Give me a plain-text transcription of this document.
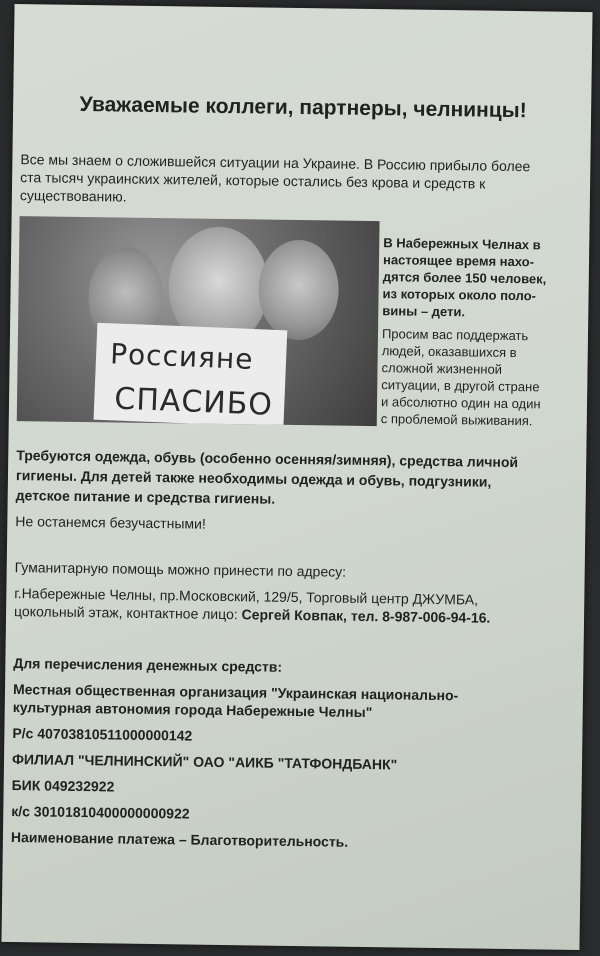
Уважаемые коллеги, партнеры, челнинцы!

Все мы знаем о сложившейся ситуации на Украине. В Россию прибыло более

ста тысяч украинских жителей, которые остались без крова и средств к

существованию.

Россияне
СПАСИБО

В Набережных Челнах в

настоящее время нахо-

дятся более 150 человек,

из которых около поло-

вины – дети.

Просим вас поддержать

людей, оказавшихся в

сложной жизненной

ситуации, в другой стране

и абсолютно один на один

с проблемой выживания.

Требуются одежда, обувь (особенно осенняя/зимняя), средства личной

гигиены. Для детей также необходимы одежда и обувь, подгузники,

детское питание и средства гигиены.

Не останемся безучастными!

Гуманитарную помощь можно принести по адресу:

г.Набережные Челны, пр.Московский, 129/5, Торговый центр ДЖУМБА,

цокольный этаж, контактное лицо: Сергей Ковпак, тел. 8-987-006-94-16.

Для перечисления денежных средств:

Местная общественная организация "Украинская национально-

культурная автономия города Набережные Челны"

Р/с 40703810511000000142

ФИЛИАЛ "ЧЕЛНИНСКИЙ" ОАО "АИКБ "ТАТФОНДБАНК"

БИК 049232922

к/с 30101810400000000922

Наименование платежа – Благотворительность.
